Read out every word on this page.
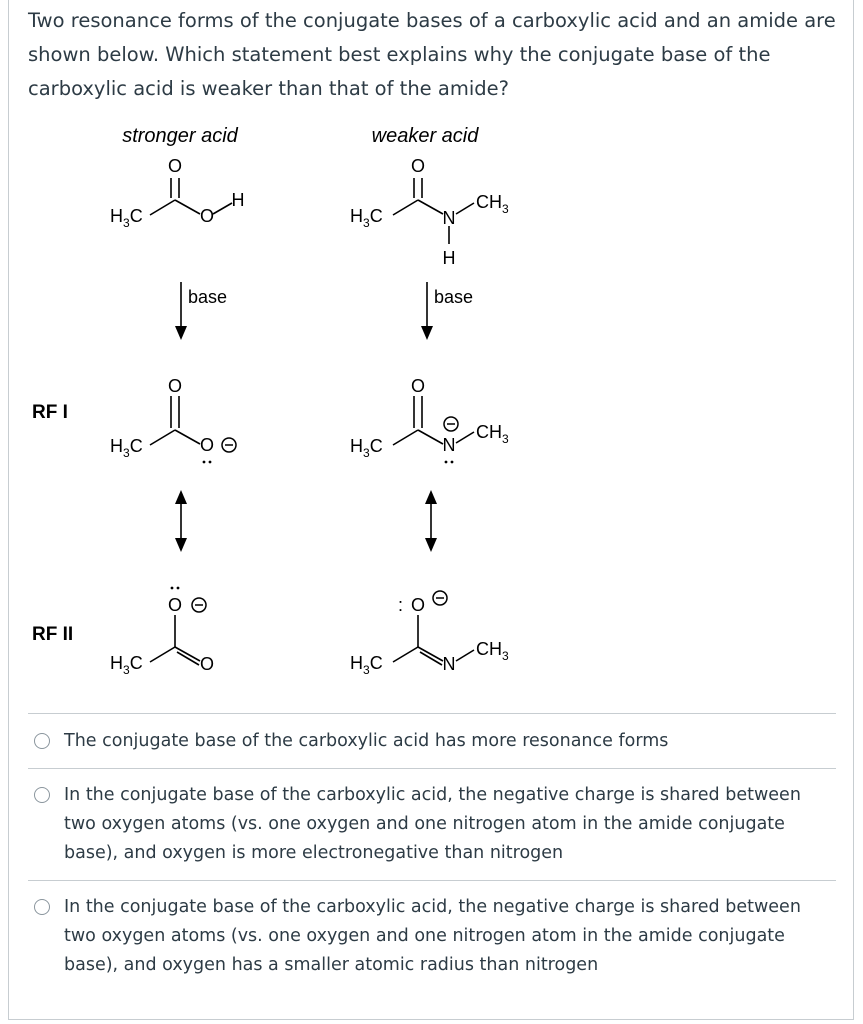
Two resonance forms of the conjugate bases of a carboxylic acid and an amide are shown below. Which statement best explains why the conjugate base of the carboxylic acid is weaker than that of the amide?
stronger acid	weaker acid
RF I
RF II
O
O
H
$H_3C$
O
N
H
$H_3C$
$CH_3$
base	base
O
O
$H_3C$
O
N
$H_3C$
$CH_3$
O
O
$H_3C$
: O
N
$H_3C$
$CH_3$
The conjugate base of the carboxylic acid has more resonance forms
In the conjugate base of the carboxylic acid, the negative charge is shared between two oxygen atoms (vs. one oxygen and one nitrogen atom in the amide conjugate base), and oxygen is more electronegative than nitrogen
In the conjugate base of the carboxylic acid, the negative charge is shared between two oxygen atoms (vs. one oxygen and one nitrogen atom in the amide conjugate base), and oxygen has a smaller atomic radius than nitrogen
